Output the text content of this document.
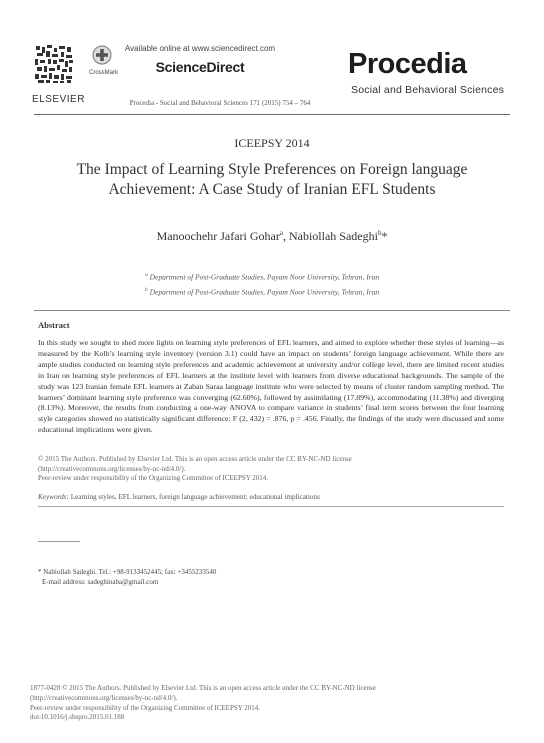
ELSEVIER
CrossMark
Available online at www.sciencedirect.com
ScienceDirect
Procedia - Social and Behavioral Sciences 171 (2015) 754 – 764
Procedia
Social and Behavioral Sciences
ICEEPSY 2014
The Impact of Learning Style Preferences on Foreign language
Achievement: A Case Study of Iranian EFL Students
Manoochehr Jafari Gohar$^a$, Nabiollah Sadeghi$^b$*
$^a$ Department of Post-Graduate Studies, Payam Noor University, Tehran, Iran
$^b$ Department of Post-Graduate Studies, Payam Noor University, Tehran, Iran
Abstract
In this study we sought to shed more lights on learning style preferences of EFL learners, and aimed to explore whether these styles of learning—as measured by the Kolb’s learning style inventory (version 3.1) could have an impact on students’ foreign language achievement. While there are ample studies conducted on learning style preferences and academic achievement at university and/or college level, there are limited recent studies in Iran on learning style preferences of EFL learners at the institute level with learners from diverse educational backgrounds. The sample of the study was 123 Iranian female EFL learners at Zaban Saraa language institute who were selected by means of cluster random sampling method. The learners’ dominant learning style preference was converging (62.60%), followed by assimilating (17.89%), accommodating (11.38%) and diverging (8.13%). Moreover, the results from conducting a one-way ANOVA to compare variance in students’ final term scores between the four learning style categories showed no statistically significant difference: F (2, 432) = .876, p = .456. Finally, the findings of the study were discussed and some educational implications were given.
© 2015 The Authors. Published by Elsevier Ltd. This is an open access article under the CC BY-NC-ND license
(http://creativecommons.org/licenses/by-nc-nd/4.0/).
Peer-review under responsibility of the Organizing Committee of ICEEPSY 2014.
Keywords: Learning styles, EFL learners, foreign language achievement; educational implications
* Nabiollah Sadeghi. Tel.: +98-9133452445; fax: +3455233540
E-mail address: sadeghinaba@gmail.com
1877-0428 © 2015 The Authors. Published by Elsevier Ltd. This is an open access article under the CC BY-NC-ND license
(http://creativecommons.org/licenses/by-nc-nd/4.0/).
Peer-review under responsibility of the Organizing Committee of ICEEPSY 2014.
doi:10.1016/j.sbspro.2015.01.188
